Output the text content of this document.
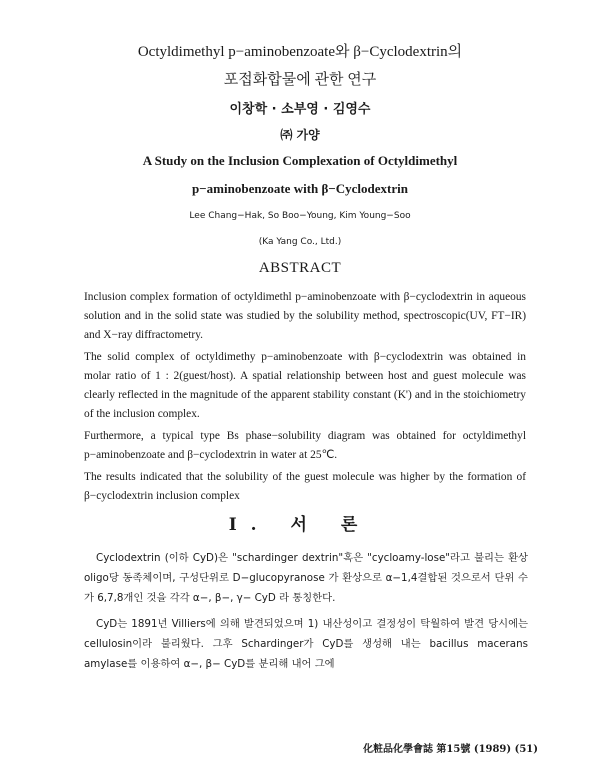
Octyldimethyl p−aminobenzoate와 β−Cyclodextrin의
포접화합물에 관한 연구
이창학 · 소부영 · 김영수
㈜ 가양
A Study on the Inclusion Complexation of Octyldimethyl
p−aminobenzoate with β−Cyclodextrin
Lee Chang−Hak, So Boo−Young, Kim Young−Soo
(Ka Yang Co., Ltd.)
ABSTRACT

Inclusion complex formation of octyldimethl p−aminobenzoate with β−cyclodextrin in aqueous solution and in the solid state was studied by the solubility method, spectroscopic(UV, FT−IR) and X−ray diffractometry.

The solid complex of octyldimethy p−aminobenzoate with β−cyclodextrin was obtained in molar ratio of 1 : 2(guest/host). A spatial relationship between host and guest molecule was clearly reflected in the magnitude of the apparent stability constant (K') and in the stoichiometry of the inclusion complex.

Furthermore, a typical type Bs phase−solubility diagram was obtained for octyldimethyl p−aminobenzoate and β−cyclodextrin in water at 25℃.

The results indicated that the solubility of the guest molecule was higher by the formation of β−cyclodextrin inclusion complex

Ⅰ. 서 론

Cyclodextrin (이하 CyD)은 "schardinger dextrin"혹은 "cycloamy-lose"라고 불리는 환상 oligo당 동족체이며, 구성단위로 D−glucopyranose 가 환상으로 α−1,4결합된 것으로서 단위 수가 6,7,8개인 것을 각각 α−, β−, γ− CyD 라 통칭한다.

CyD는 1891년 Villiers에 의해 발견되었으며 1) 내산성이고 결정성이 탁월하여 발견 당시에는 cellulosin이라 불리웠다. 그후 Schardinger가 CyD를 생성해 내는 bacillus macerans amylase를 이용하여 α−, β− CyD를 분리해 내어 그에

化粧品化學會誌 第15號 (1989) (51)
